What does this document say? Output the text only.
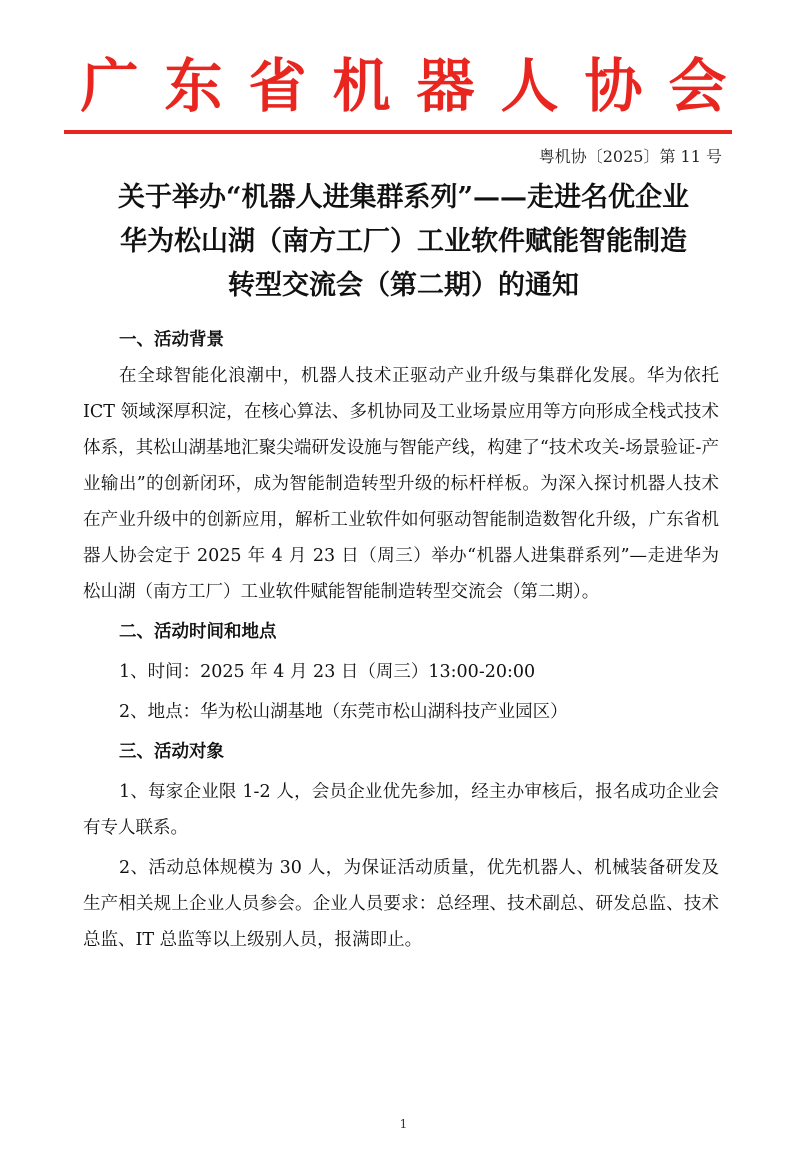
广东省机器人协会
粤机协〔2025〕第 11 号
关于举办“机器人进集群系列”——走进名优企业
华为松山湖（南方工厂）工业软件赋能智能制造
转型交流会（第二期）的通知

一、活动背景

在全球智能化浪潮中，机器人技术正驱动产业升级与集群化发展。华为依托 ICT 领域深厚积淀，在核心算法、多机协同及工业场景应用等方向形成全栈式技术体系，其松山湖基地汇聚尖端研发设施与智能产线，构建了“技术攻关-场景验证-产业输出”的创新闭环，成为智能制造转型升级的标杆样板。为深入探讨机器人技术在产业升级中的创新应用，解析工业软件如何驱动智能制造数智化升级，广东省机器人协会定于 2025 年 4 月 23 日（周三）举办“机器人进集群系列”—走进华为松山湖（南方工厂）工业软件赋能智能制造转型交流会（第二期）。

二、活动时间和地点

1、时间：2025 年 4 月 23 日（周三）13:00-20:00

2、地点：华为松山湖基地（东莞市松山湖科技产业园区）

三、活动对象

1、每家企业限 1-2 人，会员企业优先参加，经主办审核后，报名成功企业会有专人联系。

2、活动总体规模为 30 人，为保证活动质量，优先机器人、机械装备研发及生产相关规上企业人员参会。企业人员要求：总经理、技术副总、研发总监、技术总监、IT 总监等以上级别人员，报满即止。

1
